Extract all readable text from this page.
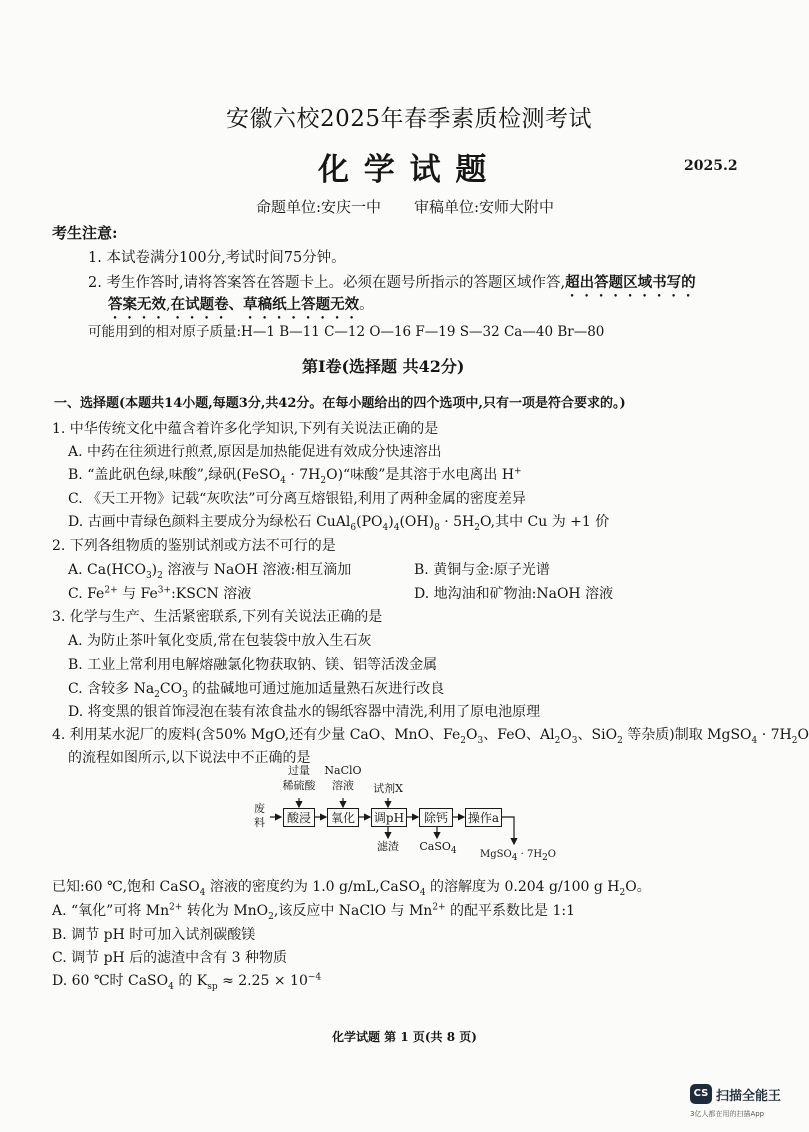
安徽六校2025年春季素质检测考试
化 学 试 题	2025.2
命题单位:安庆一中 审稿单位:安师大附中
考生注意:
1. 本试卷满分100分,考试时间75分钟。
2. 考生作答时,请将答案答在答题卡上。必须在题号所指示的答题区域作答,超出答题区域书写的
答案无效,在试题卷、草稿纸上答题无效。
可能用到的相对原子质量:H—1 B—11 C—12 O—16 F—19 S—32 Ca—40 Br—80
第Ⅰ卷(选择题 共42分)
一、选择题(本题共14小题,每题3分,共42分。在每小题给出的四个选项中,只有一项是符合要求的。)
1. 中华传统文化中蕴含着许多化学知识,下列有关说法正确的是
A. 中药在往须进行煎煮,原因是加热能促进有效成分快速溶出
B. “盖此矾色绿,味酸”,绿矾(FeSO$_4$ · $7H_2O)“$味酸”是其溶于水电离出 H+
C. 《天工开物》记载“灰吹法”可分离互熔银铅,利用了两种金属的密度差异
D. 古画中青绿色颜料主要成分为绿松石 $CuAl_6(PO_4)_4(OH)_8 \cdot 5H_2O$,其中 Cu 为 +1 价
2. 下列各组物质的鉴别试剂或方法不可行的是
A. $Ca(HCO_3)_2$ 溶液与 NaOH 溶液:相互滴加	B. 黄铜与金:原子光谱
C. $Fe^{2+}$ 与 $Fe^{3+}:KSCN$ 溶液	D. 地沟油和矿物油:NaOH 溶液
3. 化学与生产、生活紧密联系,下列有关说法正确的是
A. 为防止茶叶氧化变质,常在包装袋中放入生石灰
B. 工业上常利用电解熔融氯化物获取钠、镁、铝等活泼金属
C. 含较多 $Na_2CO_3$ 的盐碱地可通过施加适量熟石灰进行改良
D. 将变黑的银首饰浸泡在装有浓食盐水的锡纸容器中清洗,利用了原电池原理
4. 利用某水泥厂的废料(含50% MgO,还有少量 CaO、MnO、$Fe_2O_3$、FeO、$Al_2O_3$、SiO$_2$ 等杂质)制取 MgSO$_4$ · $7H_2O$
的流程如图所示,以下说法中不正确的是
废
料	酸浸	氧化	调pH	除钙	操作a
过量
稀硫酸
NaClO
溶液	试剂X
滤渣	CaSO$_4$	MgSO$_4$ · $7H_2O$
已知:60 ℃,饱和 CaSO$_4$ 溶液的密度约为 1.0 g/mL,CaSO$_4$ 的溶解度为 0.204 g/100 g $H_2O$。
A. “氧化”可将 $Mn^{2+}$ 转化为 MnO$_2$,该反应中 NaClO 与 $Mn^{2+}$ 的配平系数比是 1:1
B. 调节 pH 时可加入试剂碳酸镁
C. 调节 pH 后的滤渣中含有 3 种物质
D. 60 ℃时 CaSO$_4$ 的 $K_{sp} \approx 2.25 \times 10^{-4}$
化学试题 第 1 页(共 8 页)
CS 扫描全能王
3亿人都在用的扫描App
